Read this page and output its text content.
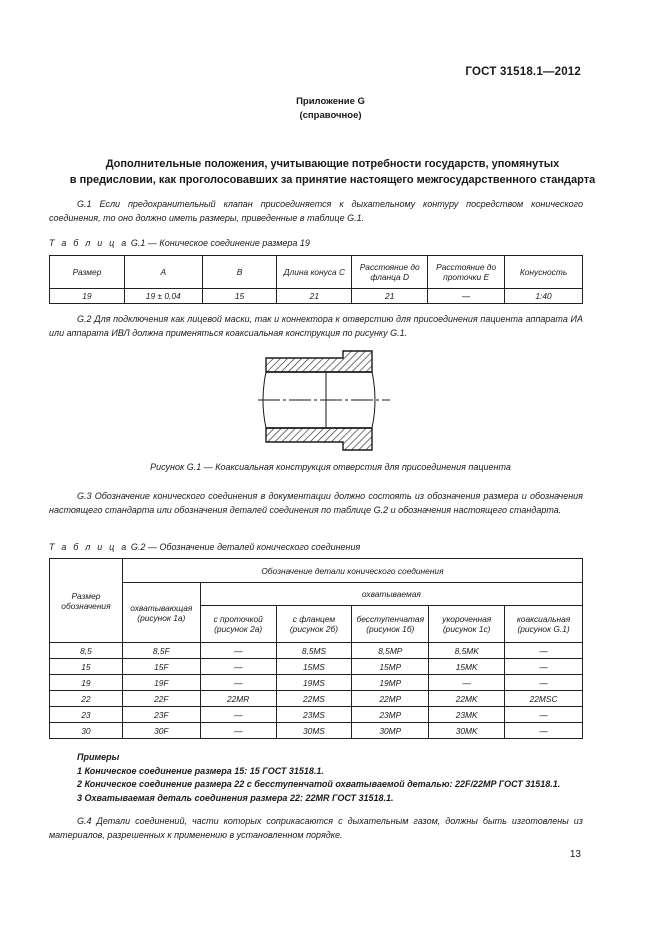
ГОСТ 31518.1—2012
Приложение G
(справочное)
Дополнительные положения, учитывающие потребности государств, упомянутых
в предисловии, как проголосовавших за принятие настоящего межгосударственного стандарта
G.1 Если предохранительный клапан присоединяется к дыхательному контуру посредством конического соединения, то оно должно иметь размеры, приведенные в таблице G.1.
Т а б л и ц а G.1 — Коническое соединение размера 19
Размер	A	B	Длина конуса C	Расстояние до фланца D	Расстояние до проточки E	Конусность
19	19 ± 0,04	15	21	21	—	1:40
G.2 Для подключения как лицевой маски, так и коннектора к отверстию для присоединения пациента аппарата ИА или аппарата ИВЛ должна применяться коаксиальная конструкция по рисунку G.1.
Рисунок G.1 — Коаксиальная конструкция отверстия для присоединения пациента
G.3 Обозначение конического соединения в документации должно состоять из обозначения размера и обозначения настоящего стандарта или обозначения деталей соединения по таблице G.2 и обозначения настоящего стандарта.
Т а б л и ц а G.2 — Обозначение деталей конического соединения
Размер обозначения	Обозначение детали конического соединения					
	охватывающая (рисунок 1а)	охватываемая				
		с проточкой (рисунок 2а)	с фланцем (рисунок 2б)	бесступенчатая (рисунок 1б)	укороченная (рисунок 1с)	коаксиальная (рисунок G.1)
8,5	8,5F	—	8,5MS	8,5MP	8,5MK	—
15	15F	—	15MS	15MP	15MK	—
19	19F	—	19MS	19MP	—	—
22	22F	22MR	22MS	22MP	22MK	22MSC
23	23F	—	23MS	23MP	23MK	—
30	30F	—	30MS	30MP	30MK	—
Примеры
1 Коническое соединение размера 15: 15 ГОСТ 31518.1.
2 Коническое соединение размера 22 с бесступенчатой охватываемой деталью: 22F/22MP ГОСТ 31518.1.
3 Охватываемая деталь соединения размера 22: 22MR ГОСТ 31518.1.
G.4 Детали соединений, части которых соприкасаются с дыхательным газом, должны быть изготовлены из материалов, разрешенных к применению в установленном порядке.
13
